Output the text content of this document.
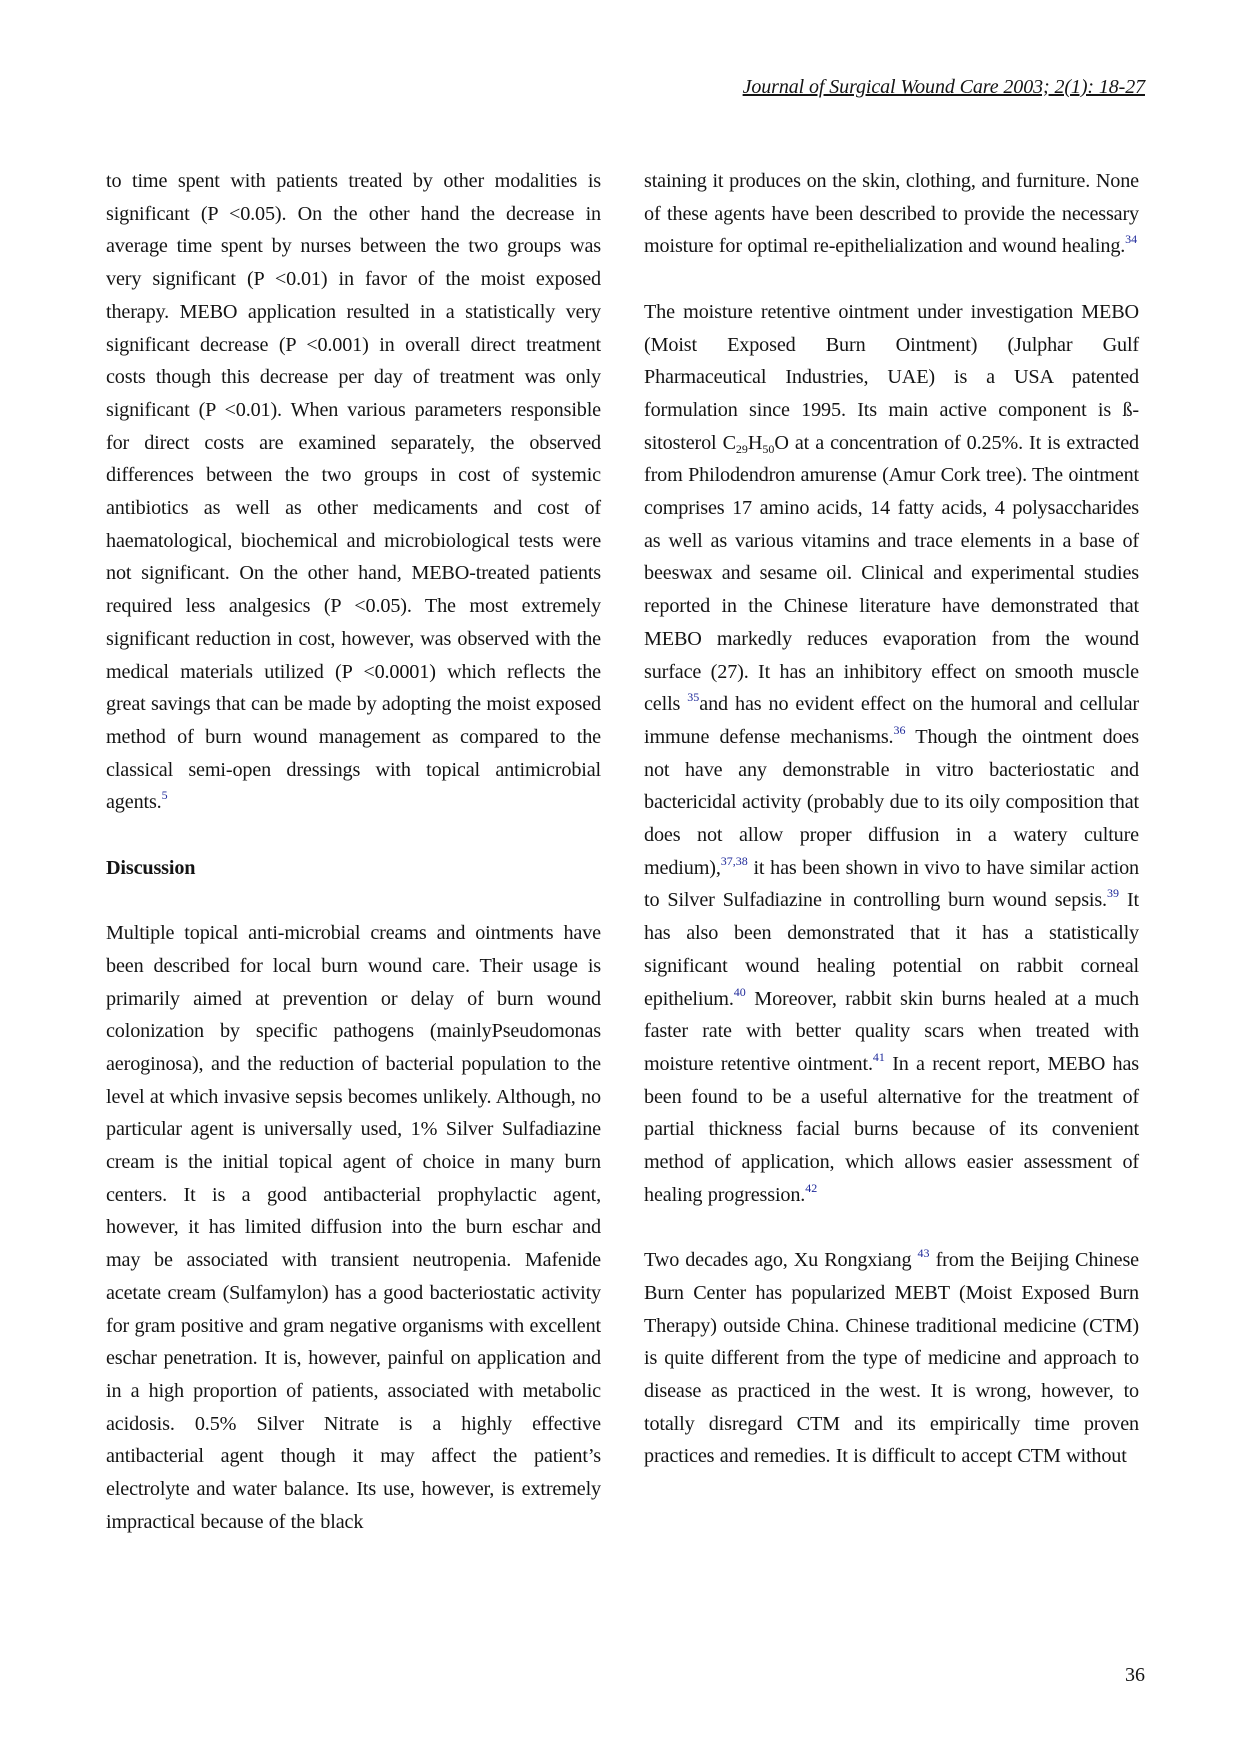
Journal of Surgical Wound Care 2003; 2(1): 18-27

to time spent with patients treated by other modalities is significant (P <0.05). On the other hand the decrease in average time spent by nurses between the two groups was very significant (P <0.01) in favor of the moist exposed therapy. MEBO application resulted in a statistically very significant decrease (P <0.001) in overall direct treatment costs though this decrease per day of treatment was only significant (P <0.01). When various parameters responsible for direct costs are examined separately, the observed differences between the two groups in cost of systemic antibiotics as well as other medicaments and cost of haematological, biochemical and microbiological tests were not significant. On the other hand, MEBO-treated patients required less analgesics (P <0.05). The most extremely significant reduction in cost, however, was observed with the medical materials utilized (P <0.0001) which reflects the great savings that can be made by adopting the moist exposed method of burn wound management as compared to the classical semi-open dressings with topical antimicrobial agents.$^5$

Discussion

Multiple topical anti-microbial creams and ointments have been described for local burn wound care. Their usage is primarily aimed at prevention or delay of burn wound colonization by specific pathogens (mainlyPseudomonas aeroginosa), and the reduction of bacterial population to the level at which invasive sepsis becomes unlikely. Although, no particular agent is universally used, 1% Silver Sulfadiazine cream is the initial topical agent of choice in many burn centers. It is a good antibacterial prophylactic agent, however, it has limited diffusion into the burn eschar and may be associated with transient neutropenia. Mafenide acetate cream (Sulfamylon) has a good bacteriostatic activity for gram positive and gram negative organisms with excellent eschar penetration. It is, however, painful on application and in a high proportion of patients, associated with metabolic acidosis. 0.5% Silver Nitrate is a highly effective antibacterial agent though it may affect the patient’s electrolyte and water balance. Its use, however, is extremely impractical because of the black

staining it produces on the skin, clothing, and furniture. None of these agents have been described to provide the necessary moisture for optimal re-epithelialization and wound healing.$^{34}$

The moisture retentive ointment under investigation MEBO (Moist Exposed Burn Ointment) (Julphar Gulf Pharmaceutical Industries, UAE) is a USA patented formulation since 1995. Its main active component is ß-sitosterol $C_{29}H_{50}O$ at a concentration of 0.25%. It is extracted from Philodendron amurense (Amur Cork tree). The ointment comprises 17 amino acids, 14 fatty acids, 4 polysaccharides as well as various vitamins and trace elements in a base of beeswax and sesame oil. Clinical and experimental studies reported in the Chinese literature have demonstrated that MEBO markedly reduces evaporation from the wound surface (27). It has an inhibitory effect on smooth muscle cells $^{35}$and has no evident effect on the humoral and cellular immune defense mechanisms.$^{36}$ Though the ointment does not have any demonstrable in vitro bacteriostatic and bactericidal activity (probably due to its oily composition that does not allow proper diffusion in a watery culture medium),$^{37,38}$ it has been shown in vivo to have similar action to Silver Sulfadiazine in controlling burn wound sepsis.$^{39}$ It has also been demonstrated that it has a statistically significant wound healing potential on rabbit corneal epithelium.$^{40}$ Moreover, rabbit skin burns healed at a much faster rate with better quality scars when treated with moisture retentive ointment.$^{41}$ In a recent report, MEBO has been found to be a useful alternative for the treatment of partial thickness facial burns because of its convenient method of application, which allows easier assessment of healing progression.$^{42}$

Two decades ago, Xu Rongxiang $^{43}$ from the Beijing Chinese Burn Center has popularized MEBT (Moist Exposed Burn Therapy) outside China. Chinese traditional medicine (CTM) is quite different from the type of medicine and approach to disease as practiced in the west. It is wrong, however, to totally disregard CTM and its empirically time proven practices and remedies. It is difficult to accept CTM without

36
